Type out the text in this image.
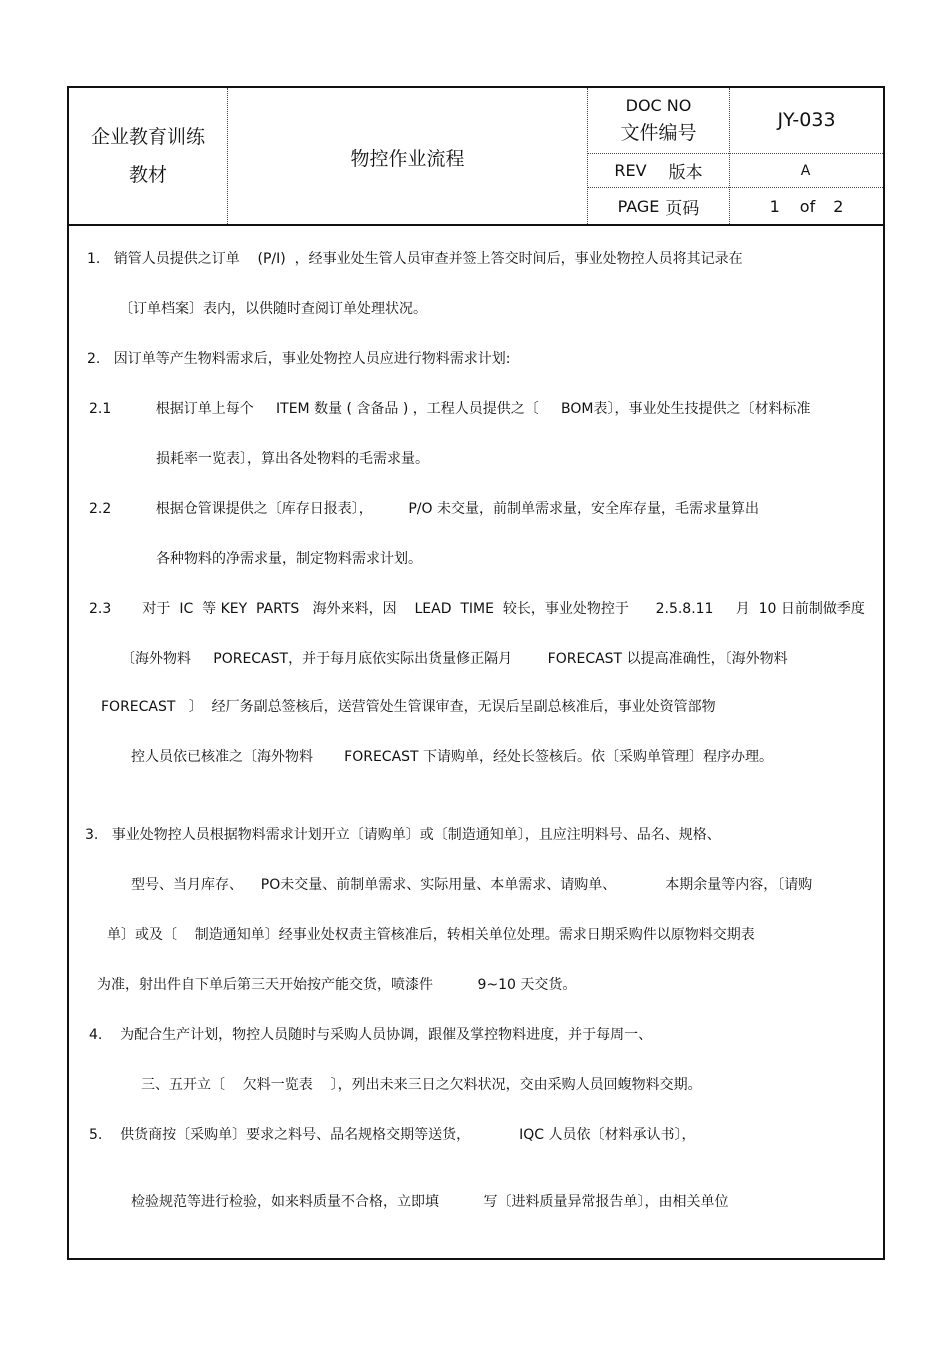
企业教育训练
教材
物控作业流程
DOC NO
文件编号
JY-033
REV 版本	A
PAGE 页码	1 of 2
1.   销管人员提供之订单    (P/I)  ，经事业处生管人员审查并签上答交时间后，事业处物控人员将其记录在
〔订单档案〕表内，以供随时查阅订单处理状况。
2.   因订单等产生物料需求后，事业处物控人员应进行物料需求计划:
2.1          根据订单上每个     ITEM 数量 ( 含备品 ) ，工程人员提供之〔     BOM表〕，事业处生技提供之〔材料标准
损耗率一览表〕，算出各处物料的毛需求量。
2.2          根据仓管课提供之〔库存日报表〕，        P/O 未交量，前制单需求量，安全库存量，毛需求量算出
各种物料的净需求量，制定物料需求计划。
2.3       对于  IC  等 KEY  PARTS   海外来料，因    LEAD  TIME  较长，事业处物控于      2.5.8.11     月  10 日前制做季度
〔海外物料     PORECAST，并于每月底依实际出货量修正隔月        FORECAST 以提高准确性，〔海外物料
FORECAST   〕  经厂务副总签核后，送营管处生管课审查，无误后呈副总核准后，事业处资管部物
控人员依已核准之〔海外物料       FORECAST 下请购单，经处长签核后。依〔采购单管理〕程序办理。
3.   事业处物控人员根据物料需求计划开立〔请购单〕或〔制造通知单〕，且应注明料号、品名、规格、
型号、当月库存、    PO未交量、前制单需求、实际用量、本单需求、请购单、           本期余量等内容，〔请购
单〕或及〔    制造通知单〕经事业处权责主管核准后，转相关单位处理。需求日期采购件以原物料交期表
为准，射出件自下单后第三天开始按产能交货，喷漆件          9~10 天交货。
4.    为配合生产计划，物控人员随时与采购人员协调，跟催及掌控物料进度，并于每周一、
三、五开立〔    欠料一览表    〕，列出未来三日之欠料状况，交由采购人员回蝮物料交期。
5.    供货商按〔采购单〕要求之料号、品名规格交期等送货，           IQC 人员依〔材料承认书〕，
检验规范等进行检验，如来料质量不合格，立即填          写〔进料质量异常报告单〕，由相关单位
